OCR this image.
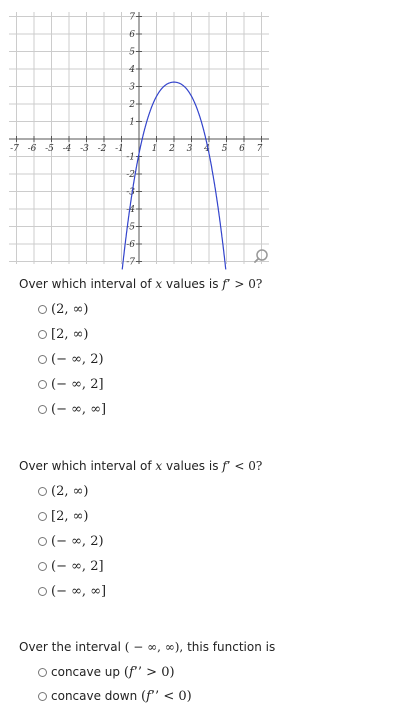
-7 -6 -5 -4 -3 -2 -1	1 2 3 4 5 6 7
7
6
5
4
3
2
1
-1
-2
-3
-4
-5
-6
-7
Over which interval of x values is f’ > 0?
(2, ∞)
[2, ∞)
(− ∞, 2)
(− ∞, 2]
(− ∞, ∞]
Over which interval of x values is f’ < 0?
(2, ∞)
[2, ∞)
(− ∞, 2)
(− ∞, 2]
(− ∞, ∞]
Over the interval ( − ∞, ∞), this function is
concave up (f’’ > 0)
concave down (f’’ < 0)
